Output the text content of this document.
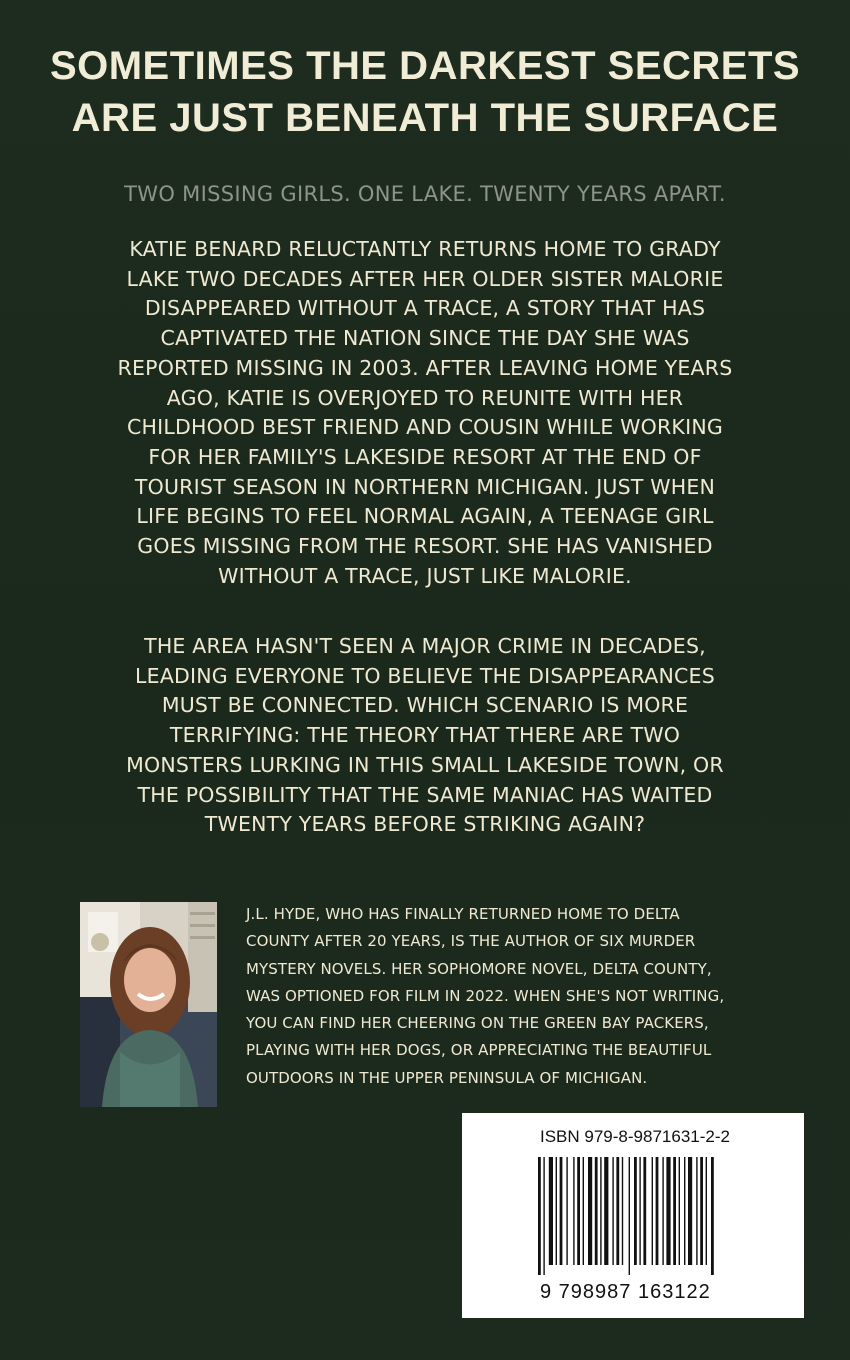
SOMETIMES THE DARKEST SECRETS
ARE JUST BENEATH THE SURFACE
TWO MISSING GIRLS. ONE LAKE. TWENTY YEARS APART.
KATIE BENARD RELUCTANTLY RETURNS HOME TO GRADY
LAKE TWO DECADES AFTER HER OLDER SISTER MALORIE
DISAPPEARED WITHOUT A TRACE, A STORY THAT HAS
CAPTIVATED THE NATION SINCE THE DAY SHE WAS
REPORTED MISSING IN 2003. AFTER LEAVING HOME YEARS
AGO, KATIE IS OVERJOYED TO REUNITE WITH HER
CHILDHOOD BEST FRIEND AND COUSIN WHILE WORKING
FOR HER FAMILY'S LAKESIDE RESORT AT THE END OF
TOURIST SEASON IN NORTHERN MICHIGAN. JUST WHEN
LIFE BEGINS TO FEEL NORMAL AGAIN, A TEENAGE GIRL
GOES MISSING FROM THE RESORT. SHE HAS VANISHED
WITHOUT A TRACE, JUST LIKE MALORIE.
THE AREA HASN'T SEEN A MAJOR CRIME IN DECADES,
LEADING EVERYONE TO BELIEVE THE DISAPPEARANCES
MUST BE CONNECTED. WHICH SCENARIO IS MORE
TERRIFYING: THE THEORY THAT THERE ARE TWO
MONSTERS LURKING IN THIS SMALL LAKESIDE TOWN, OR
THE POSSIBILITY THAT THE SAME MANIAC HAS WAITED
TWENTY YEARS BEFORE STRIKING AGAIN?
J.L. HYDE, WHO HAS FINALLY RETURNED HOME TO DELTA
COUNTY AFTER 20 YEARS, IS THE AUTHOR OF SIX MURDER
MYSTERY NOVELS. HER SOPHOMORE NOVEL, DELTA COUNTY,
WAS OPTIONED FOR FILM IN 2022. WHEN SHE'S NOT WRITING,
YOU CAN FIND HER CHEERING ON THE GREEN BAY PACKERS,
PLAYING WITH HER DOGS, OR APPRECIATING THE BEAUTIFUL
OUTDOORS IN THE UPPER PENINSULA OF MICHIGAN.
ISBN 979-8-9871631-2-2
9 798987 163122
